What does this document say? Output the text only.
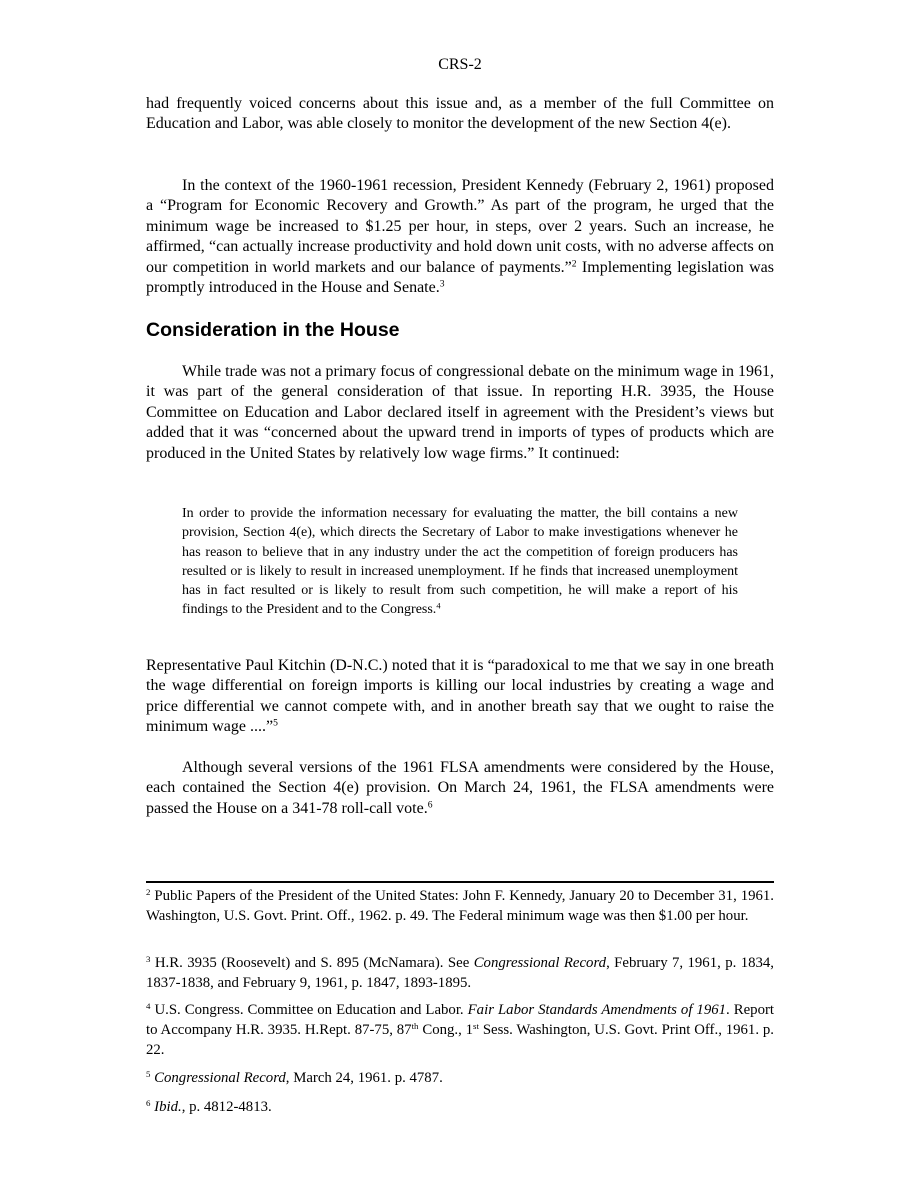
CRS-2

had frequently voiced concerns about this issue and, as a member of the full Committee on Education and Labor, was able closely to monitor the development of the new Section 4(e).

In the context of the 1960-1961 recession, President Kennedy (February 2, 1961) proposed a “Program for Economic Recovery and Growth.” As part of the program, he urged that the minimum wage be increased to $1.25 per hour, in steps, over 2 years. Such an increase, he affirmed, “can actually increase productivity and hold down unit costs, with no adverse affects on our competition in world markets and our balance of payments.”$^2$ Implementing legislation was promptly introduced in the House and Senate.$^3$

Consideration in the House

While trade was not a primary focus of congressional debate on the minimum wage in 1961, it was part of the general consideration of that issue. In reporting H.R. 3935, the House Committee on Education and Labor declared itself in agreement with the President’s views but added that it was “concerned about the upward trend in imports of types of products which are produced in the United States by relatively low wage firms.” It continued:

In order to provide the information necessary for evaluating the matter, the bill contains a new provision, Section 4(e), which directs the Secretary of Labor to make investigations whenever he has reason to believe that in any industry under the act the competition of foreign producers has resulted or is likely to result in increased unemployment. If he finds that increased unemployment has in fact resulted or is likely to result from such competition, he will make a report of his findings to the President and to the Congress.$^4$

Representative Paul Kitchin (D-N.C.) noted that it is “paradoxical to me that we say in one breath the wage differential on foreign imports is killing our local industries by creating a wage and price differential we cannot compete with, and in another breath say that we ought to raise the minimum wage ....”$^5$

Although several versions of the 1961 FLSA amendments were considered by the House, each contained the Section 4(e) provision. On March 24, 1961, the FLSA amendments were passed the House on a 341-78 roll-call vote.$^6$

$^2$ Public Papers of the President of the United States: John F. Kennedy, January 20 to December 31, 1961. Washington, U.S. Govt. Print. Off., 1962. p. 49. The Federal minimum wage was then $1.00 per hour.

$^3$ H.R. 3935 (Roosevelt) and S. 895 (McNamara). See Congressional Record, February 7, 1961, p. 1834, 1837-1838, and February 9, 1961, p. 1847, 1893-1895.

$^4$ U.S. Congress. Committee on Education and Labor. Fair Labor Standards Amendments of 1961. Report to Accompany H.R. 3935. H.Rept. 87-75, 87th Cong., 1st Sess. Washington, U.S. Govt. Print Off., 1961. p. 22.

$^5$ Congressional Record, March 24, 1961. p. 4787.

$^6$ Ibid., p. 4812-4813.
